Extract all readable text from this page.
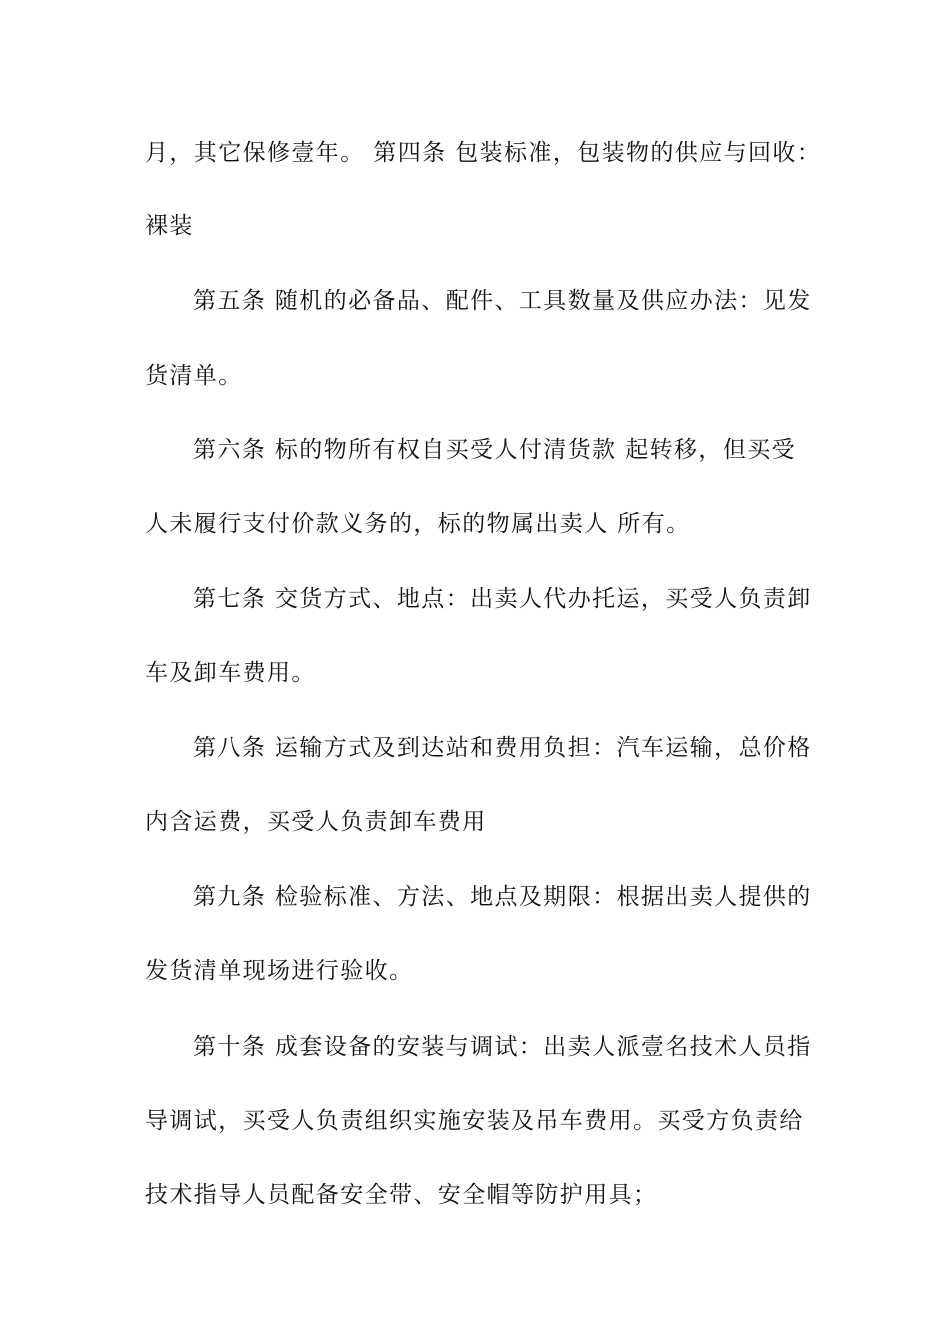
月，其它保修壹年。 第四条 包装标准，包装物的供应与回收：
裸装
第五条 随机的必备品、配件、工具数量及供应办法：见发
货清单。
第六条 标的物所有权自买受人付清货款 起转移，但买受
人未履行支付价款义务的，标的物属出卖人 所有。
第七条 交货方式、地点：出卖人代办托运，买受人负责卸
车及卸车费用。
第八条 运输方式及到达站和费用负担：汽车运输，总价格
内含运费，买受人负责卸车费用
第九条 检验标准、方法、地点及期限：根据出卖人提供的
发货清单现场进行验收。
第十条 成套设备的安装与调试：出卖人派壹名技术人员指
导调试，买受人负责组织实施安装及吊车费用。买受方负责给
技术指导人员配备安全带、安全帽等防护用具；
